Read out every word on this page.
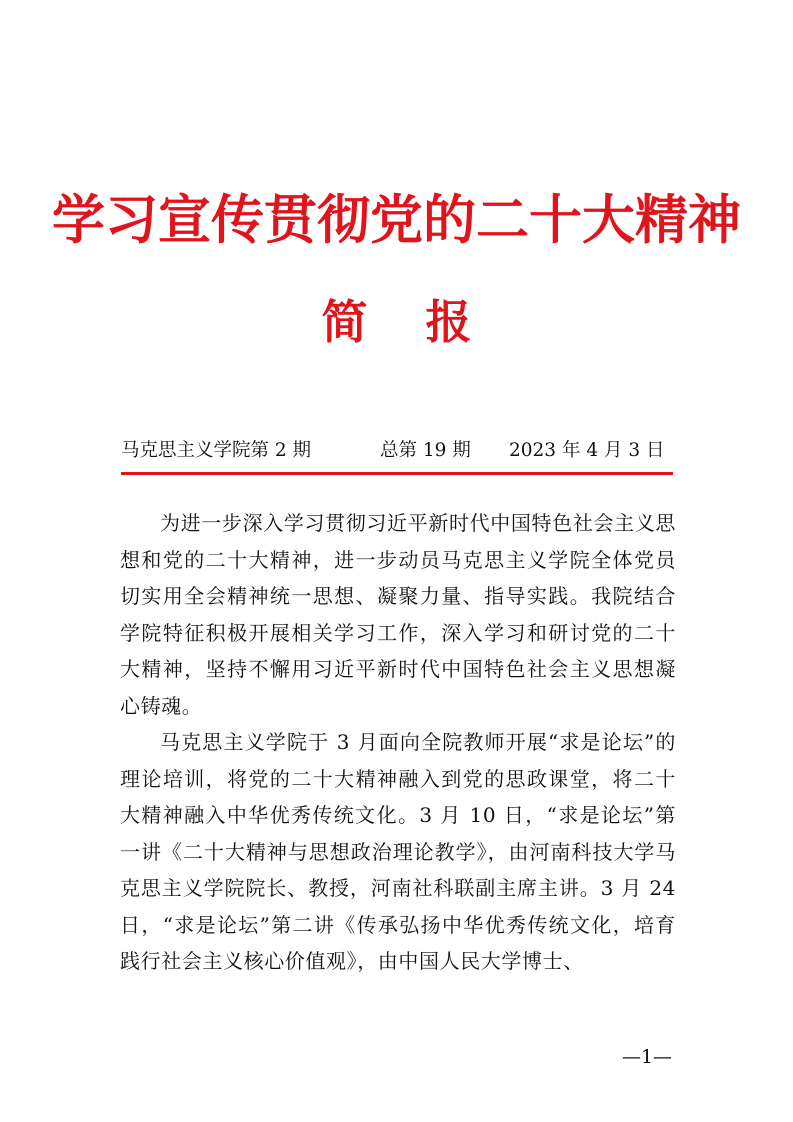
学习宣传贯彻党的二十大精神
简报
马克思主义学院第 2 期	总第 19 期 2023 年 4 月 3 日

为进一步深入学习贯彻习近平新时代中国特色社会主义思想和党的二十大精神，进一步动员马克思主义学院全体党员切实用全会精神统一思想、凝聚力量、指导实践。我院结合学院特征积极开展相关学习工作，深入学习和研讨党的二十大精神，坚持不懈用习近平新时代中国特色社会主义思想凝心铸魂。

马克思主义学院于 3 月面向全院教师开展“求是论坛”的理论培训，将党的二十大精神融入到党的思政课堂，将二十大精神融入中华优秀传统文化。3 月 10 日，“求是论坛”第一讲《二十大精神与思想政治理论教学》，由河南科技大学马克思主义学院院长、教授，河南社科联副主席主讲。3 月 24 日，“求是论坛”第二讲《传承弘扬中华优秀传统文化，培育践行社会主义核心价值观》，由中国人民大学博士、

—1—
